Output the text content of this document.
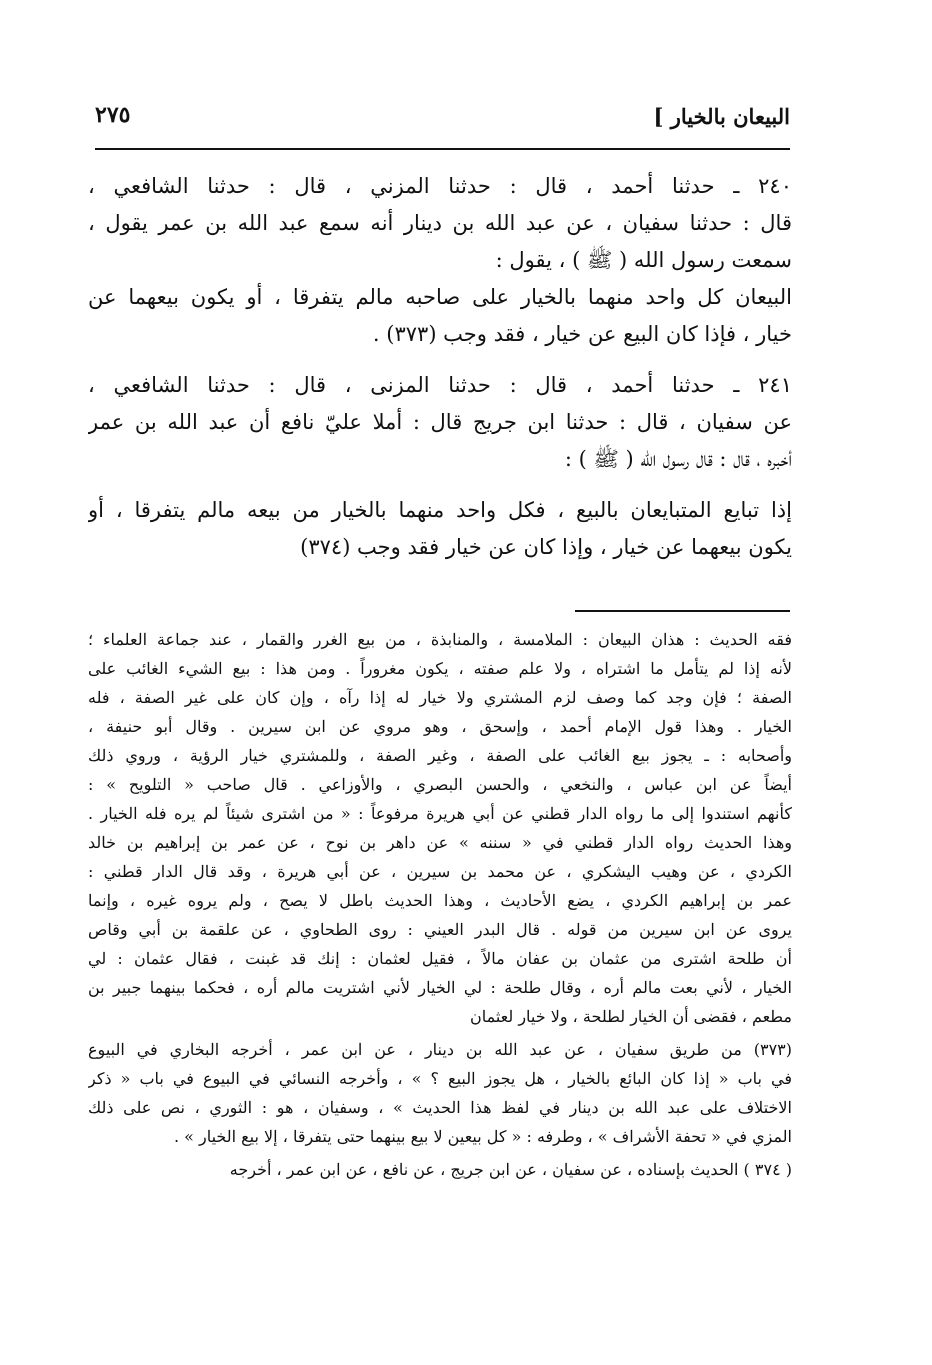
البيعان بالخيار ]
٢٧٥
٢٤٠ ـ حدثنا أحمد ، قال : حدثنا المزني ، قال : حدثنا الشافعي ،
قال : حدثنا سفيان ، عن عبد الله بن دينار أنه سمع عبد الله بن عمر يقول ،
سمعت رسول الله ( ﷺ ) ، يقول :
البيعان كل واحد منهما بالخيار على صاحبه مالم يتفرقا ، أو يكون بيعهما عن
خيار ، فإذا كان البيع عن خيار ، فقد وجب (٣٧٣) .
٢٤١ ـ حدثنا أحمد ، قال : حدثنا المزنى ، قال : حدثنا الشافعي ،
عن سفيان ، قال : حدثنا ابن جريج قال : أملا عليّ نافع أن عبد الله بن عمر
أخبره ، قال : قال رسول الله ( ﷺ ) :
إذا تبايع المتبايعان بالبيع ، فكل واحد منهما بالخيار من بيعه مالم يتفرقا ، أو
يكون بيعهما عن خيار ، وإذا كان عن خيار فقد وجب (٣٧٤)
فقه الحديث : هذان البيعان : الملامسة ، والمنابذة ، من بيع الغرر والقمار ، عند جماعة العلماء ؛
لأنه إذا لم يتأمل ما اشتراه ، ولا علم صفته ، يكون مغروراً . ومن هذا : بيع الشيء الغائب على
الصفة ؛ فإن وجد كما وصف لزم المشتري ولا خيار له إذا رآه ، وإن كان على غير الصفة ، فله
الخيار . وهذا قول الإمام أحمد ، وإسحق ، وهو مروي عن ابن سيرين . وقال أبو حنيفة ،
وأصحابه : ـ يجوز بيع الغائب على الصفة ، وغير الصفة ، وللمشتري خيار الرؤية ، وروي ذلك
أيضاً عن ابن عباس ، والنخعي ، والحسن البصري ، والأوزاعي . قال صاحب « التلويح » :
كأنهم استندوا إلى ما رواه الدار قطني عن أبي هريرة مرفوعاً : « من اشترى شيئاً لم يره فله الخيار .
وهذا الحديث رواه الدار قطني في « سننه » عن داهر بن نوح ، عن عمر بن إبراهيم بن خالد
الكردي ، عن وهيب اليشكري ، عن محمد بن سيرين ، عن أبي هريرة ، وقد قال الدار قطني :
عمر بن إبراهيم الكردي ، يضع الأحاديث ، وهذا الحديث باطل لا يصح ، ولم يروه غيره ، وإنما
يروى عن ابن سيرين من قوله . قال البدر العيني : روى الطحاوي ، عن علقمة بن أبي وقاص
أن طلحة اشترى من عثمان بن عفان مالاً ، فقيل لعثمان : إنك قد غبنت ، فقال عثمان : لي
الخيار ، لأني بعت مالم أره ، وقال طلحة : لي الخيار لأني اشتريت مالم أره ، فحكما بينهما جبير بن
مطعم ، فقضى أن الخيار لطلحة ، ولا خيار لعثمان
(٣٧٣) من طريق سفيان ، عن عبد الله بن دينار ، عن ابن عمر ، أخرجه البخاري في البيوع
في باب « إذا كان البائع بالخيار ، هل يجوز البيع ؟ » ، وأخرجه النسائي في البيوع في باب « ذكر
الاختلاف على عبد الله بن دينار في لفظ هذا الحديث » ، وسفيان ، هو : الثوري ، نص على ذلك
المزي في « تحفة الأشراف » ، وطرفه : « كل بيعين لا بيع بينهما حتى يتفرقا ، إلا بيع الخيار » .
( ٣٧٤ ) الحديث بإسناده ، عن سفيان ، عن ابن جريج ، عن نافع ، عن ابن عمر ، أخرجه
